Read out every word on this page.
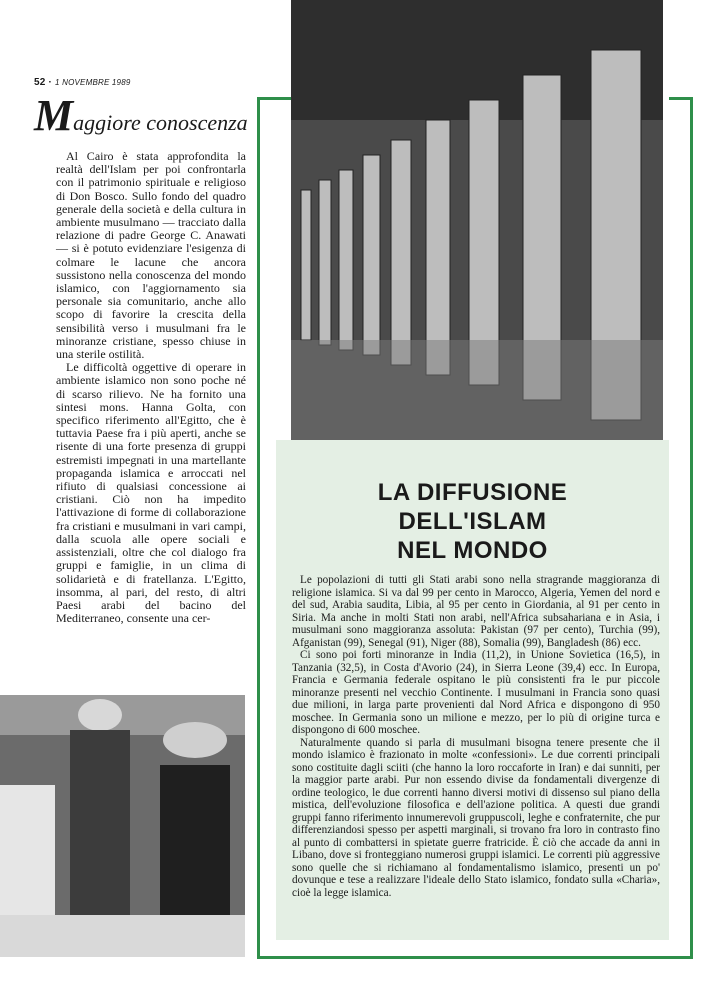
52 · 1 NOVEMBRE 1989
Maggiore conoscenza

Al Cairo è stata approfondita la realtà dell'Islam per poi confrontarla con il patrimonio spirituale e religioso di Don Bosco. Sullo fondo del quadro generale della società e della cultura in ambiente musulmano — tracciato dalla relazione di padre George C. Anawati — si è potuto evidenziare l'esigenza di colmare le lacune che ancora sussistono nella conoscenza del mondo islamico, con l'aggiornamento sia personale sia comunitario, anche allo scopo di favorire la crescita della sensibilità verso i musulmani fra le minoranze cristiane, spesso chiuse in una sterile ostilità.

Le difficoltà oggettive di operare in ambiente islamico non sono poche né di scarso rilievo. Ne ha fornito una sintesi mons. Hanna Golta, con specifico riferimento all'Egitto, che è tuttavia Paese fra i più aperti, anche se risente di una forte presenza di gruppi estremisti impegnati in una martellante propaganda islamica e arroccati nel rifiuto di qualsiasi concessione ai cristiani. Ciò non ha impedito l'attivazione di forme di collaborazione fra cristiani e musulmani in vari campi, dalla scuola alle opere sociali e assistenziali, oltre che col dialogo fra gruppi e famiglie, in un clima di solidarietà e di fratellanza. L'Egitto, insomma, al pari, del resto, di altri Paesi arabi del bacino del Mediterraneo, consente una cer-

LA DIFFUSIONE
DELL'ISLAM
NEL MONDO

Le popolazioni di tutti gli Stati arabi sono nella stragrande maggioranza di religione islamica. Si va dal 99 per cento in Marocco, Algeria, Yemen del nord e del sud, Arabia saudita, Libia, al 95 per cento in Giordania, al 91 per cento in Siria. Ma anche in molti Stati non arabi, nell'Africa subsahariana e in Asia, i musulmani sono maggioranza assoluta: Pakistan (97 per cento), Turchia (99), Afganistan (99), Senegal (91), Niger (88), Somalia (99), Bangladesh (86) ecc.

Ci sono poi forti minoranze in India (11,2), in Unione Sovietica (16,5), in Tanzania (32,5), in Costa d'Avorio (24), in Sierra Leone (39,4) ecc. In Europa, Francia e Germania federale ospitano le più consistenti fra le pur piccole minoranze presenti nel vecchio Continente. I musulmani in Francia sono quasi due milioni, in larga parte provenienti dal Nord Africa e dispongono di 950 moschee. In Germania sono un milione e mezzo, per lo più di origine turca e dispongono di 600 moschee.

Naturalmente quando si parla di musulmani bisogna tenere presente che il mondo islamico è frazionato in molte «confessioni». Le due correnti principali sono costituite dagli sciiti (che hanno la loro roccaforte in Iran) e dai sunniti, per la maggior parte arabi. Pur non essendo divise da fondamentali divergenze di ordine teologico, le due correnti hanno diversi motivi di dissenso sul piano della mistica, dell'evoluzione filosofica e dell'azione politica. A questi due grandi gruppi fanno riferimento innumerevoli gruppuscoli, leghe e confraternite, che pur differenziandosi spesso per aspetti marginali, si trovano fra loro in contrasto fino al punto di combattersi in spietate guerre fratricide. È ciò che accade da anni in Libano, dove si fronteggiano numerosi gruppi islamici. Le correnti più aggressive sono quelle che si richiamano al fondamentalismo islamico, presenti un po' dovunque e tese a realizzare l'ideale dello Stato islamico, fondato sulla «Charia», cioè la legge islamica.
